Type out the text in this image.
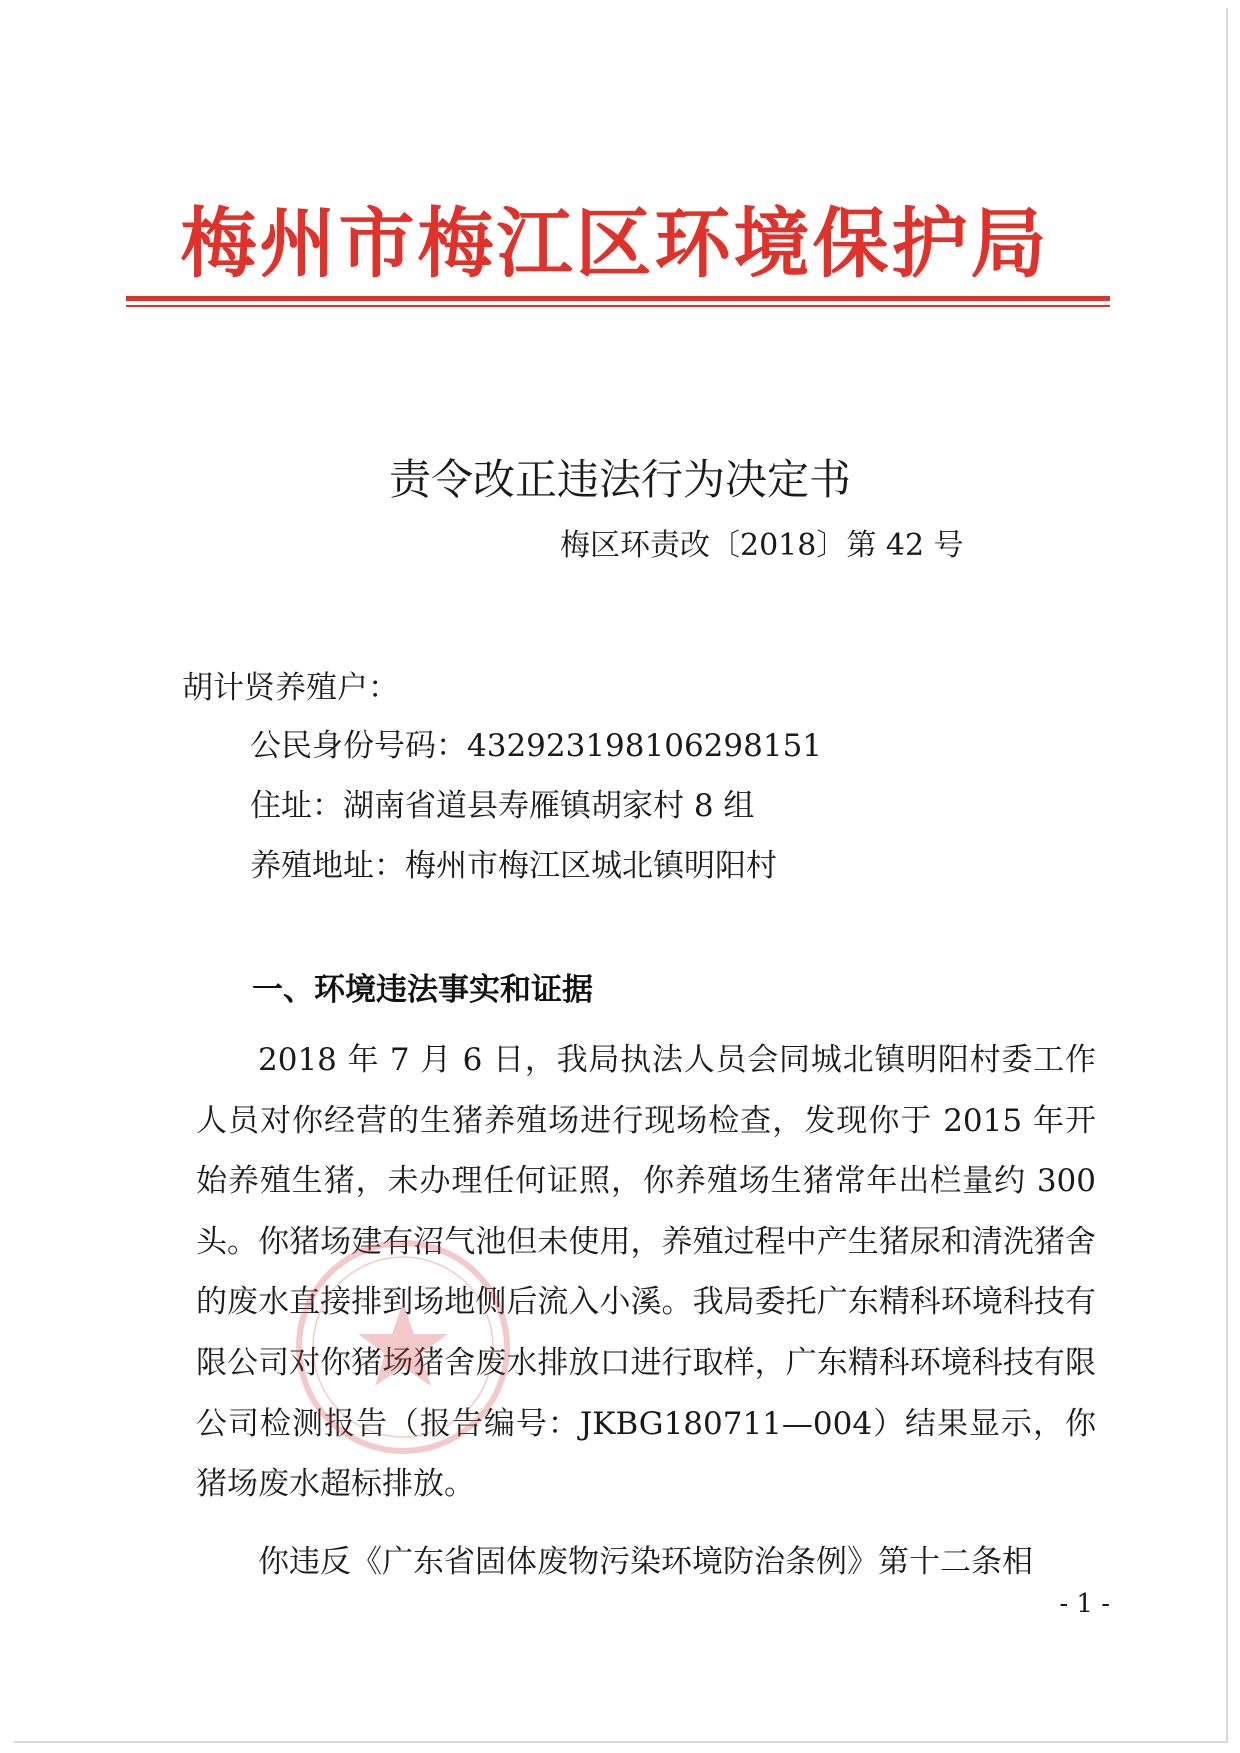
梅州市梅江区环境保护局
责令改正违法行为决定书
梅区环责改〔2018〕第 42 号
胡计贤养殖户：
公民身份号码：432923198106298151
住址：湖南省道县寿雁镇胡家村 8 组
养殖地址：梅州市梅江区城北镇明阳村
一、环境违法事实和证据

2018 年 7 月 6 日，我局执法人员会同城北镇明阳村委工作人员对你经营的生猪养殖场进行现场检查，发现你于 2015 年开始养殖生猪，未办理任何证照，你养殖场生猪常年出栏量约 300 头。你猪场建有沼气池但未使用，养殖过程中产生猪尿和清洗猪舍的废水直接排到场地侧后流入小溪。我局委托广东精科环境科技有限公司对你猪场猪舍废水排放口进行取样，广东精科环境科技有限公司检测报告（报告编号：JKBG180711—004）结果显示，你猪场废水超标排放。

你违反《广东省固体废物污染环境防治条例》第十二条相

- 1 -
